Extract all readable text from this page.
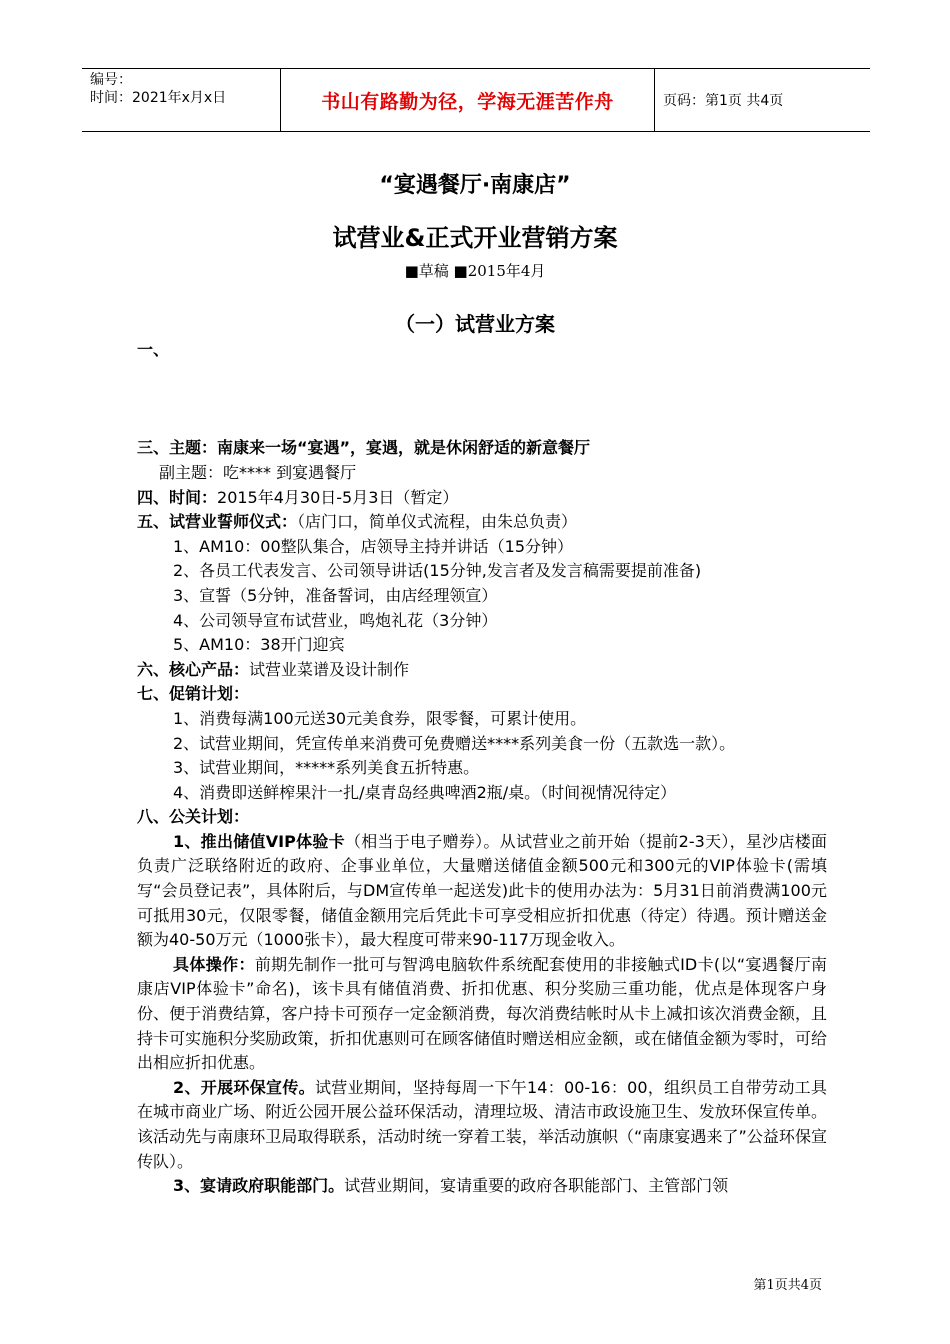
编号：
时间：2021年x月x日	书山有路勤为径，学海无涯苦作舟	页码：第1页 共4页
“宴遇餐厅·南康店”
试营业&正式开业营销方案
■草稿 ■2015年4月
（一）试营业方案

一、

三、主题：南康来一场“宴遇”，宴遇，就是休闲舒适的新意餐厅

副主题：吃**** 到宴遇餐厅

四、时间：2015年4月30日-5月3日（暂定）

五、试营业誓师仪式：（店门口，简单仪式流程，由朱总负责）

1、AM10：00整队集合，店领导主持并讲话（15分钟）

2、各员工代表发言、公司领导讲话(15分钟,发言者及发言稿需要提前准备)

3、宣誓（5分钟，准备誓词，由店经理领宣）

4、公司领导宣布试营业，鸣炮礼花（3分钟）

5、AM10：38开门迎宾

六、核心产品：试营业菜谱及设计制作

七、促销计划：

1、消费每满100元送30元美食券，限零餐，可累计使用。

2、试营业期间，凭宣传单来消费可免费赠送****系列美食一份（五款选一款）。

3、试营业期间，*****系列美食五折特惠。

4、消费即送鲜榨果汁一扎/桌青岛经典啤酒2瓶/桌。（时间视情况待定）

八、公关计划：

1、推出储值VIP体验卡（相当于电子赠券）。从试营业之前开始（提前2-3天），星沙店楼面负责广泛联络附近的政府、企事业单位，大量赠送储值金额500元和300元的VIP体验卡(需填写“会员登记表”，具体附后，与DM宣传单一起送发)此卡的使用办法为：5月31日前消费满100元可抵用30元，仅限零餐，储值金额用完后凭此卡可享受相应折扣优惠（待定）待遇。预计赠送金额为40-50万元（1000张卡），最大程度可带来90-117万现金收入。

具体操作：前期先制作一批可与智鸿电脑软件系统配套使用的非接触式ID卡(以“宴遇餐厅南康店VIP体验卡”命名)，该卡具有储值消费、折扣优惠、积分奖励三重功能，优点是体现客户身份、便于消费结算，客户持卡可预存一定金额消费，每次消费结帐时从卡上减扣该次消费金额，且持卡可实施积分奖励政策，折扣优惠则可在顾客储值时赠送相应金额，或在储值金额为零时，可给出相应折扣优惠。

2、开展环保宣传。试营业期间，坚持每周一下午14：00-16：00，组织员工自带劳动工具在城市商业广场、附近公园开展公益环保活动，清理垃圾、清洁市政设施卫生、发放环保宣传单。该活动先与南康环卫局取得联系，活动时统一穿着工装，举活动旗帜（“南康宴遇来了”公益环保宣传队）。

3、宴请政府职能部门。试营业期间，宴请重要的政府各职能部门、主管部门领

第1页共4页
